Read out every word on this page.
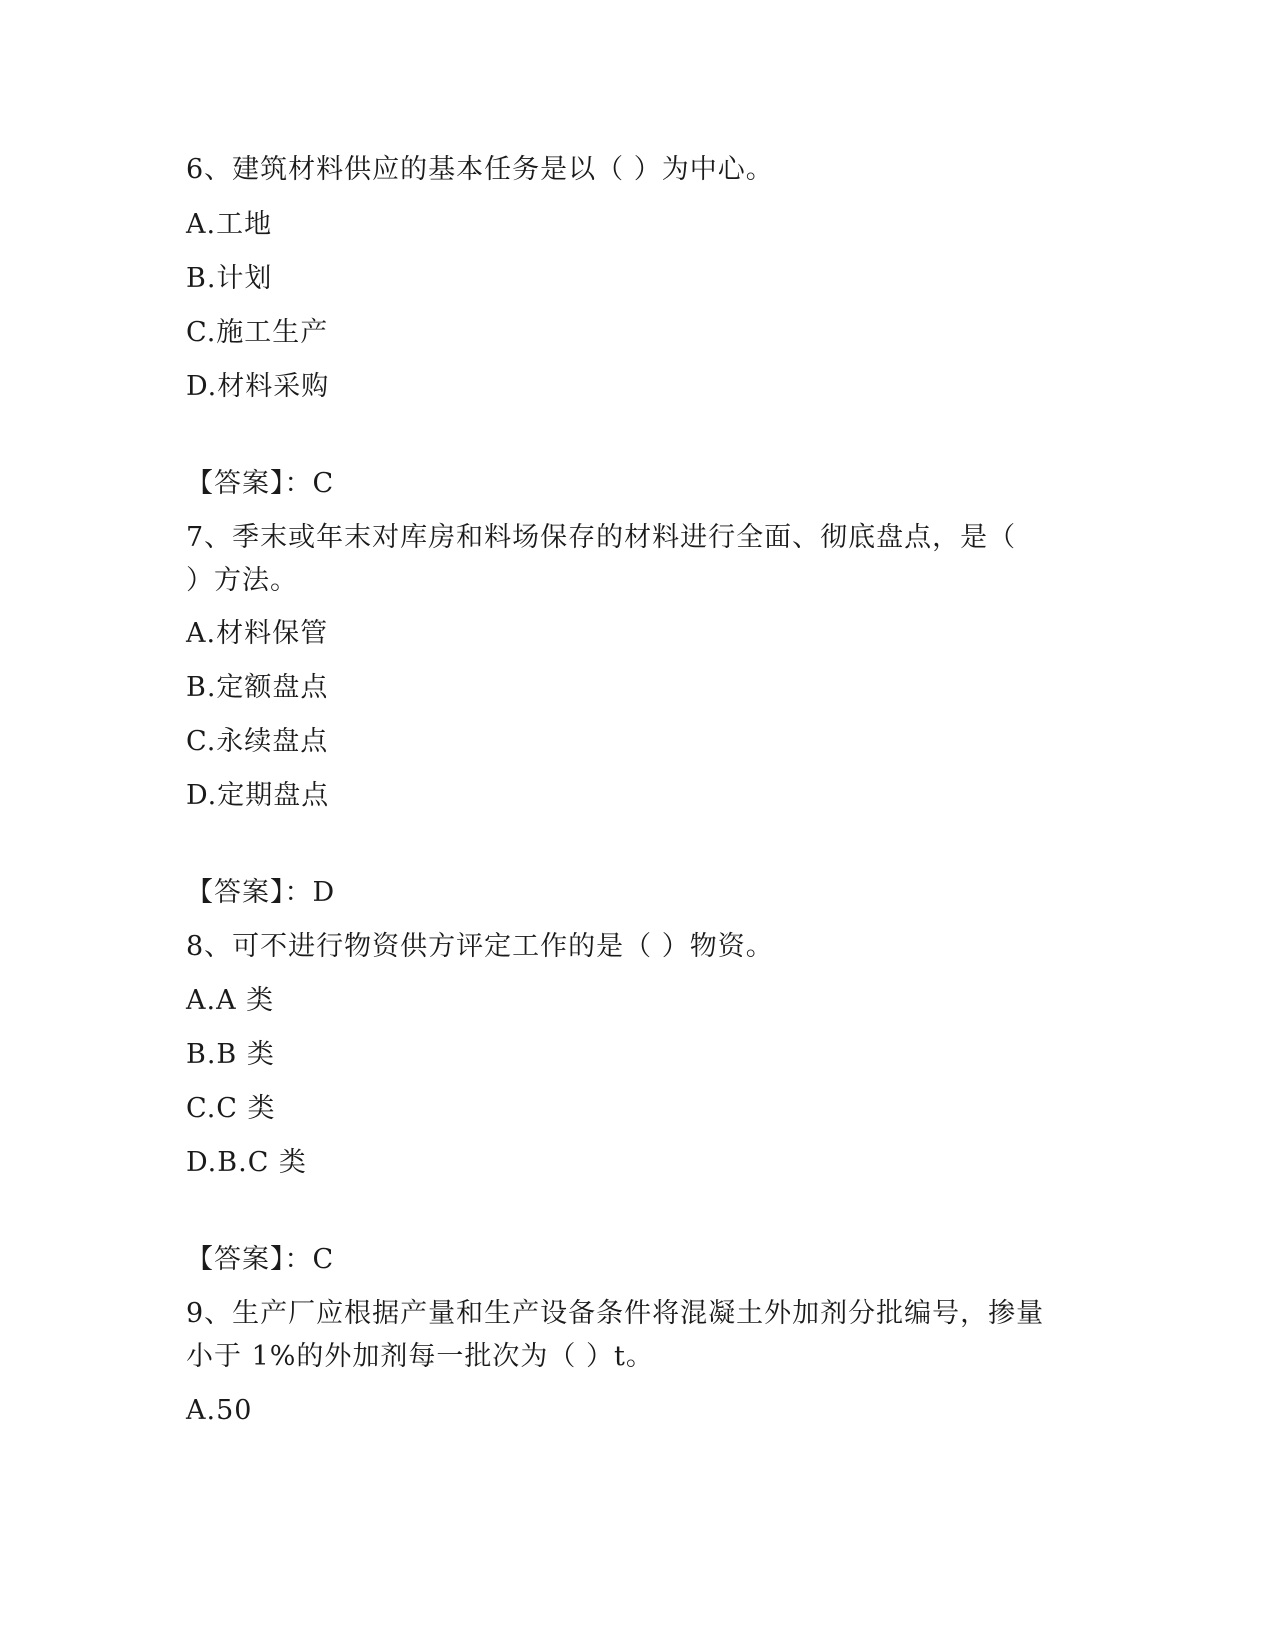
6、建筑材料供应的基本任务是以（ ）为中心。
A.工地
B.计划
C.施工生产
D.材料采购
【答案】：C
7、季末或年末对库房和料场保存的材料进行全面、彻底盘点，是（
）方法。
A.材料保管
B.定额盘点
C.永续盘点
D.定期盘点
【答案】：D
8、可不进行物资供方评定工作的是（ ）物资。
A.A 类
B.B 类
C.C 类
D.B.C 类
【答案】：C
9、生产厂应根据产量和生产设备条件将混凝土外加剂分批编号，掺量
小于 1%的外加剂每一批次为（ ）t。
A.50
